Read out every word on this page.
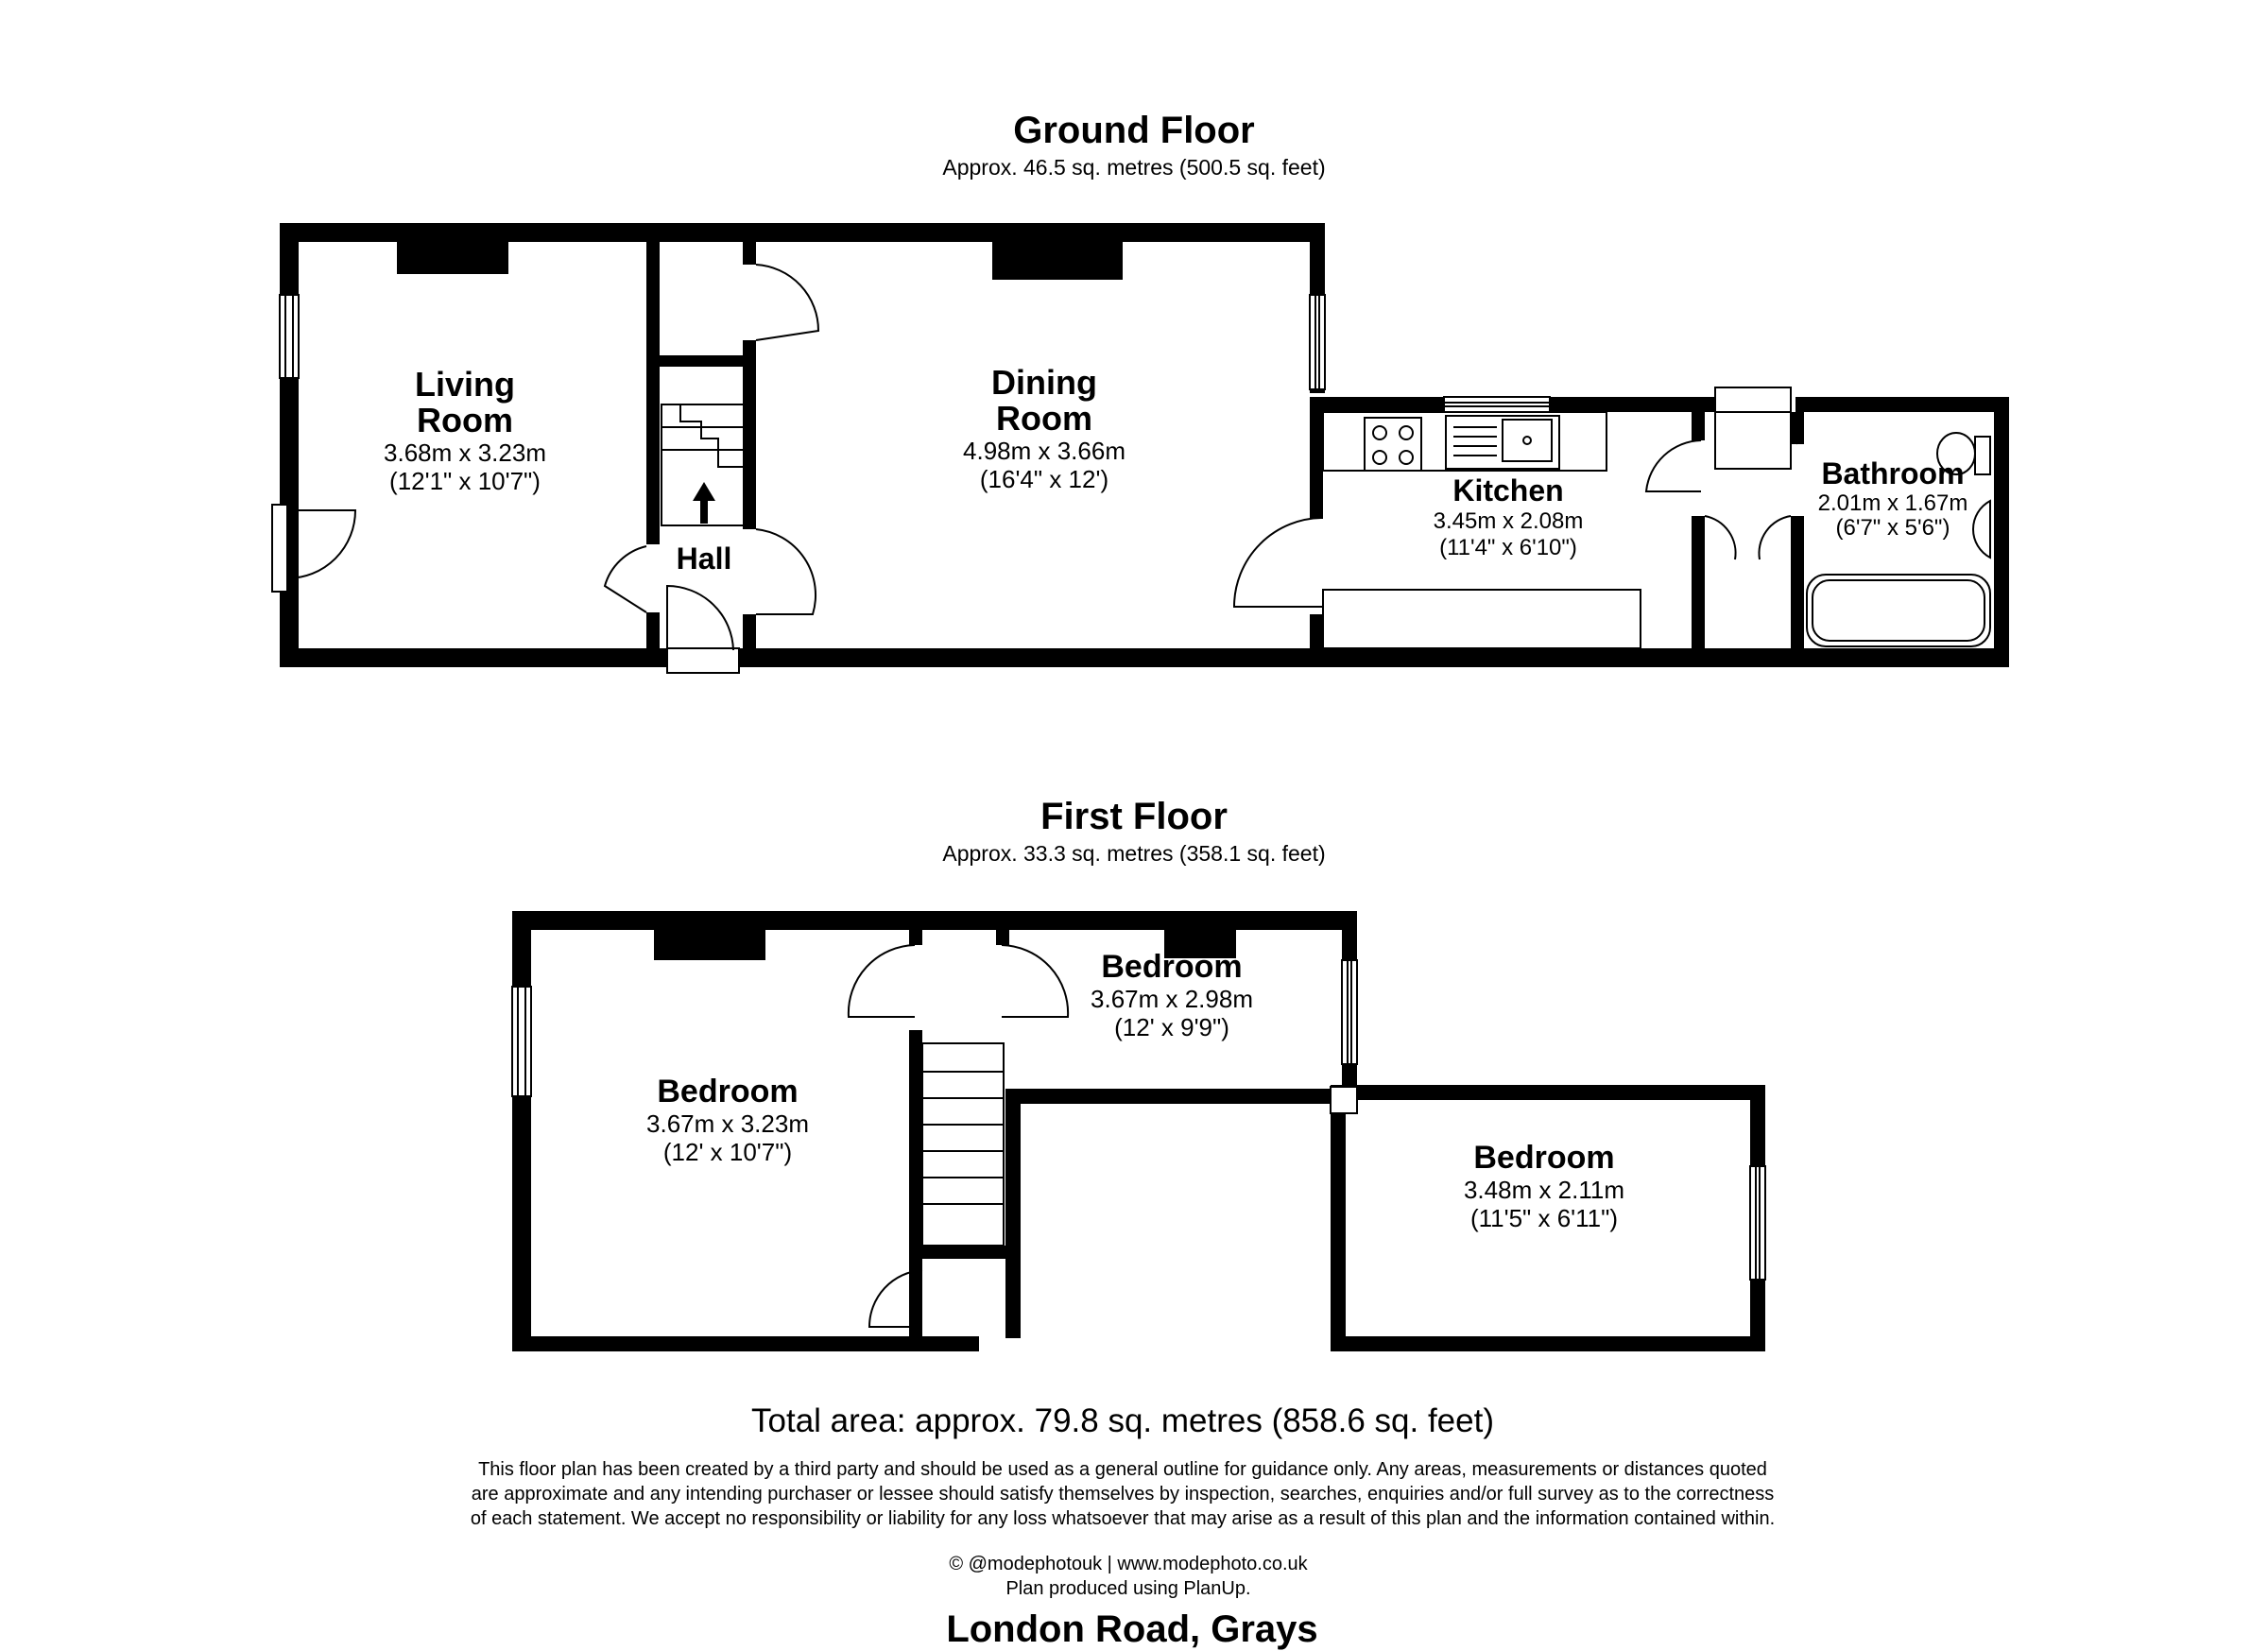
Ground Floor
Approx. 46.5 sq. metres (500.5 sq. feet)
Living
Room
3.68m x 3.23m
(12'1" x 10'7")
Dining
Room
4.98m x 3.66m
(16'4" x 12')
Hall
Kitchen
3.45m x 2.08m
(11'4" x 6'10")
Bathroom
2.01m x 1.67m
(6'7" x 5'6")
First Floor
Approx. 33.3 sq. metres (358.1 sq. feet)
Bedroom
3.67m x 3.23m
(12' x 10'7")
Bedroom
3.67m x 2.98m
(12' x 9'9")
Bedroom
3.48m x 2.11m
(11'5" x 6'11")
Total area: approx. 79.8 sq. metres (858.6 sq. feet)
This floor plan has been created by a third party and should be used as a general outline for guidance only. Any areas, measurements or distances quoted
are approximate and any intending purchaser or lessee should satisfy themselves by inspection, searches, enquiries and/or full survey as to the correctness
of each statement. We accept no responsibility or liability for any loss whatsoever that may arise as a result of this plan and the information contained within.
© @modephotouk | www.modephoto.co.uk
Plan produced using PlanUp.
London Road, Grays
